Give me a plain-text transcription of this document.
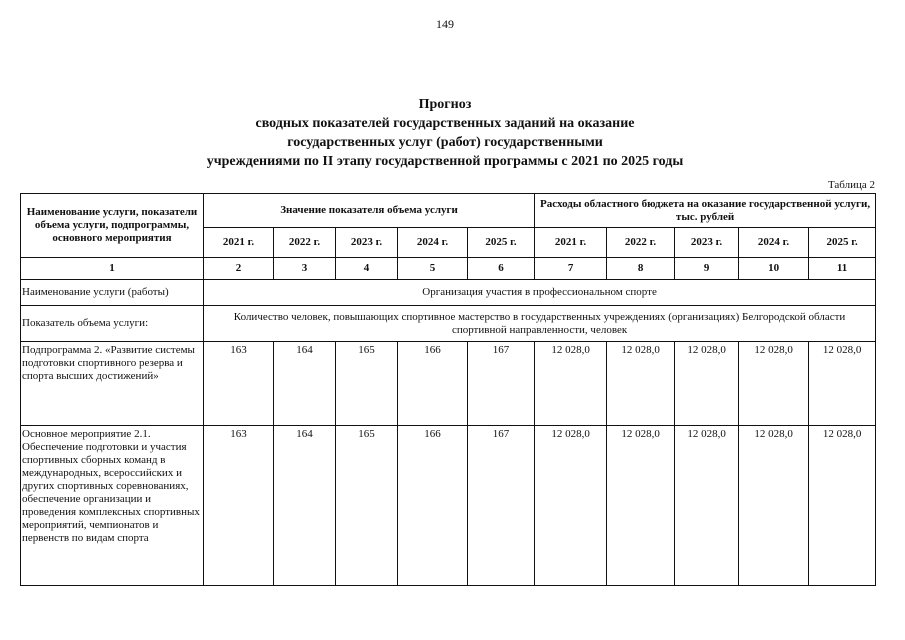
149
Прогноз
сводных показателей государственных заданий на оказание
государственных услуг (работ) государственными
учреждениями по II этапу государственной программы с 2021 по 2025 годы
Таблица 2
Наименование услуги, показатели объема услуги, подпрограммы, основного мероприятия	Значение показателя объема услуги					Расходы областного бюджета на оказание государственной услуги, тыс. рублей				
	2021 г.	2022 г.	2023 г.	2024 г.	2025 г.	2021 г.	2022 г.	2023 г.	2024 г.	2025 г.
1	2	3	4	5	6	7	8	9	10	11
Наименование услуги (работы)	Организация участия в профессиональном спорте									
Показатель объема услуги:	Количество человек, повышающих спортивное мастерство в государственных учреждениях (организациях) Белгородской области спортивной направленности, человек									
Подпрограмма 2. «Развитие системы подготовки спортивного резерва и спорта высших достижений»	163	164	165	166	167	12 028,0	12 028,0	12 028,0	12 028,0	12 028,0
Основное мероприятие 2.1. Обеспечение подготовки и участия спортивных сборных команд в международных, всероссийских и других спортивных соревнованиях, обеспечение организации и проведения комплексных спортивных мероприятий, чемпионатов и первенств по видам спорта	163	164	165	166	167	12 028,0	12 028,0	12 028,0	12 028,0	12 028,0
